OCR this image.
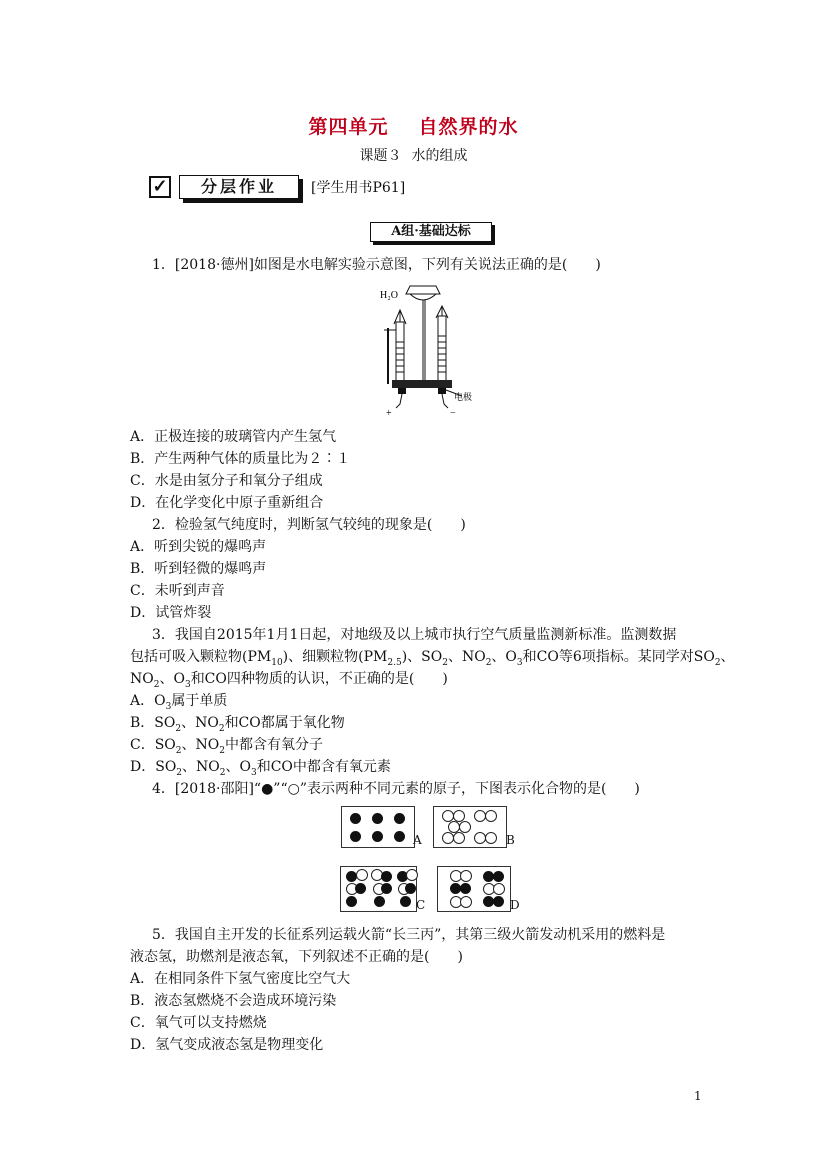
第四单元 自然界的水
课题３ 水的组成
✓	分层作业	[学生用书P61]
A组·基础达标
1．[2018·德州]如图是水电解实验示意图，下列有关说法正确的是(　　)
H₂O
电极
+	−
A．正极连接的玻璃管内产生氢气
B．产生两种气体的质量比为２∶１
C．水是由氢分子和氧分子组成
D．在化学变化中原子重新组合
2．检验氢气纯度时，判断氢气较纯的现象是(　　)
A．听到尖锐的爆鸣声
B．听到轻微的爆鸣声
C．未听到声音
D．试管炸裂
3．我国自2015年1月1日起，对地级及以上城市执行空气质量监测新标准。监测数据
包括可吸入颗粒物$(PM_{10})$、细颗粒物$(PM_{2.5})$、$SO_2$、$NO_2$、$O_3$和CO等6项指标。某同学对$SO_2$、
$NO_2$、$O_3$和CO四种物质的认识，不正确的是(　　)
A．$O_3$属于单质
B．$SO_2$、$NO_2$和CO都属于氧化物
C．$SO_2$、$NO_2$中都含有氧分子
D．$SO_2$、$NO_2$、$O_3$和CO中都含有氧元素
4．[2018·邵阳]“●”“○”表示两种不同元素的原子，下图表示化合物的是(　　)
A	B
C	D
5．我国自主开发的长征系列运载火箭“长三丙”，其第三级火箭发动机采用的燃料是
液态氢，助燃剂是液态氧，下列叙述不正确的是(　　)
A．在相同条件下氢气密度比空气大
B．液态氢燃烧不会造成环境污染
C．氧气可以支持燃烧
D．氢气变成液态氢是物理变化
1
